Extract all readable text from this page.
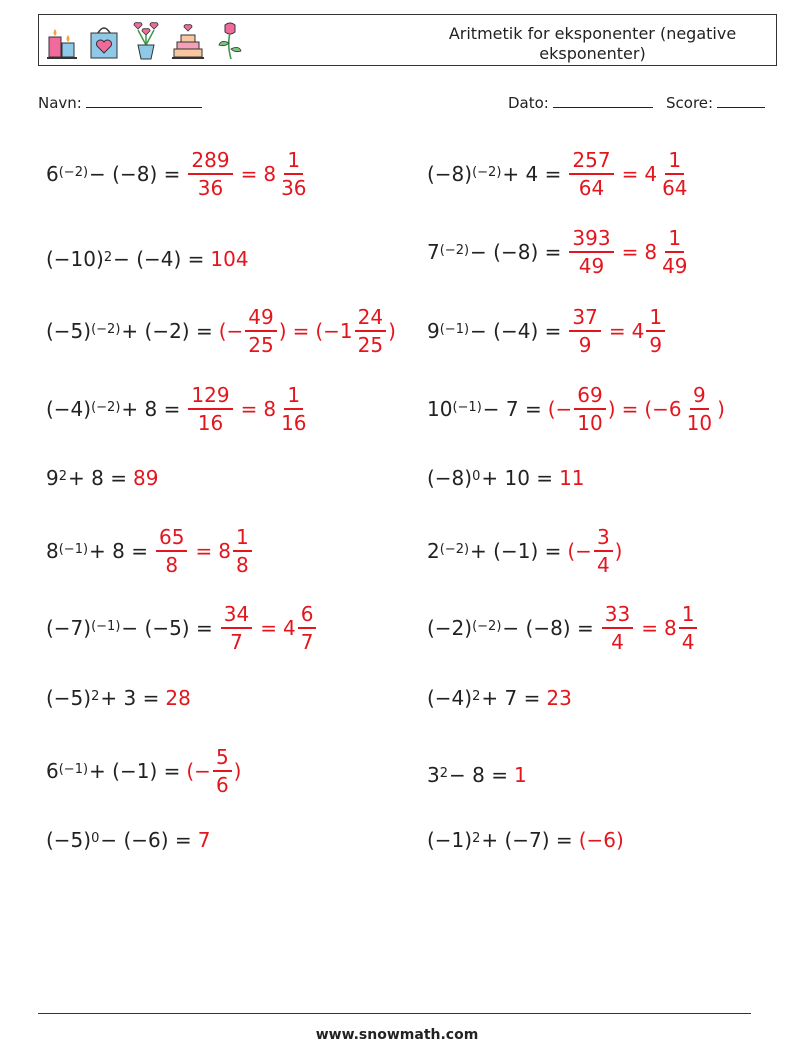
Aritmetik for eksponenter (negative eksponenter)
Navn:	Dato:	Score:
$6^{(-2)} - (-8) = \frac{289}{36} = 8 \frac{1}{36}$
$(-10)^2 - (-4) = 104$
$(-5)^{(-2)} + (-2)$ = (− $\frac{49}{25}$ ) = ( $-1 \frac{24}{25}$ )
$(-4)^{(-2)} + 8 = \frac{129}{16} = 8 \frac{1}{16}$
$9^2 + 8 = 89$
$8^{(-1)} + 8 = \frac{65}{8} = 8 \frac{1}{8}$
$(-7)^{(-1)} - (-5) = \frac{34}{7} = 4 \frac{6}{7}$
$(-5)^2 + 3 = 28$
$6^{(-1)} + (-1)$ = (− $\frac{5}{6}$ )
$(-5)^0 - (-6) = 7$
$(-8)^{(-2)} + 4 = \frac{257}{64} = 4 \frac{1}{64}$
$7^{(-2)} - (-8) = \frac{393}{49} = 8 \frac{1}{49}$
$9^{(-1)} - (-4) = \frac{37}{9} = 4 \frac{1}{9}$
$10^{(-1)} - 7$ = (− $\frac{69}{10}$ ) = ( $-6 \frac{9}{10}$ )
$(-8)^0 + 10 = 11$
$2^{(-2)} + (-1)$ = (− $\frac{3}{4}$ )
$(-2)^{(-2)} - (-8) = \frac{33}{4} = 8 \frac{1}{4}$
$(-4)^2 + 7 = 23$
$3^2 - 8 = 1$
$(-1)^2 + (-7) = (-6)$
www.snowmath.com
